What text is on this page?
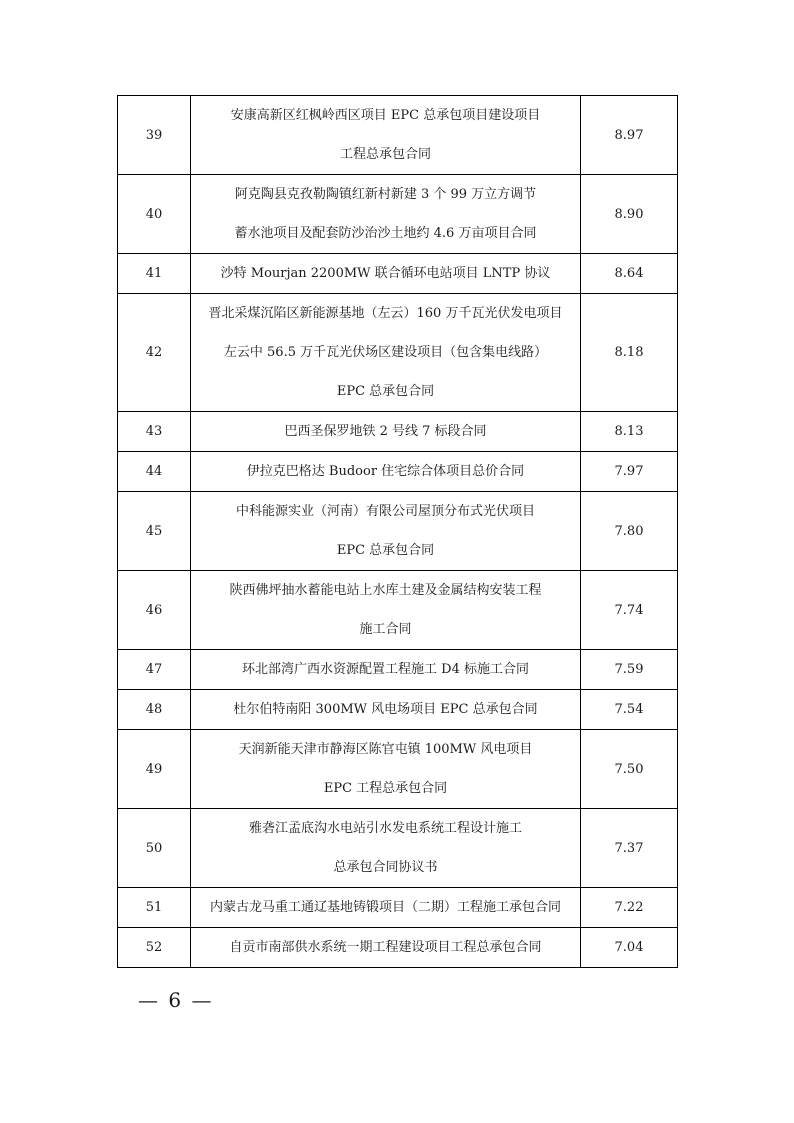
39	安康高新区红枫岭西区项目 EPC 总承包项目建设项目
工程总承包合同	8.97
40	阿克陶县克孜勒陶镇红新村新建 3 个 99 万立方调节
蓄水池项目及配套防沙治沙土地约 4.6 万亩项目合同	8.90
41	沙特 Mourjan 2200MW 联合循环电站项目 LNTP 协议	8.64
42	晋北采煤沉陷区新能源基地（左云）160 万千瓦光伏发电项目
左云中 56.5 万千瓦光伏场区建设项目（包含集电线路）
EPC 总承包合同	8.18
43	巴西圣保罗地铁 2 号线 7 标段合同	8.13
44	伊拉克巴格达 Budoor 住宅综合体项目总价合同	7.97
45	中科能源实业（河南）有限公司屋顶分布式光伏项目
EPC 总承包合同	7.80
46	陕西佛坪抽水蓄能电站上水库土建及金属结构安装工程
施工合同	7.74
47	环北部湾广西水资源配置工程施工 D4 标施工合同	7.59
48	杜尔伯特南阳 300MW 风电场项目 EPC 总承包合同	7.54
49	天润新能天津市静海区陈官屯镇 100MW 风电项目
EPC 工程总承包合同	7.50
50	雅砻江孟底沟水电站引水发电系统工程设计施工
总承包合同协议书	7.37
51	内蒙古龙马重工通辽基地铸锻项目（二期）工程施工承包合同	7.22
52	自贡市南部供水系统一期工程建设项目工程总承包合同	7.04
— 6 —
